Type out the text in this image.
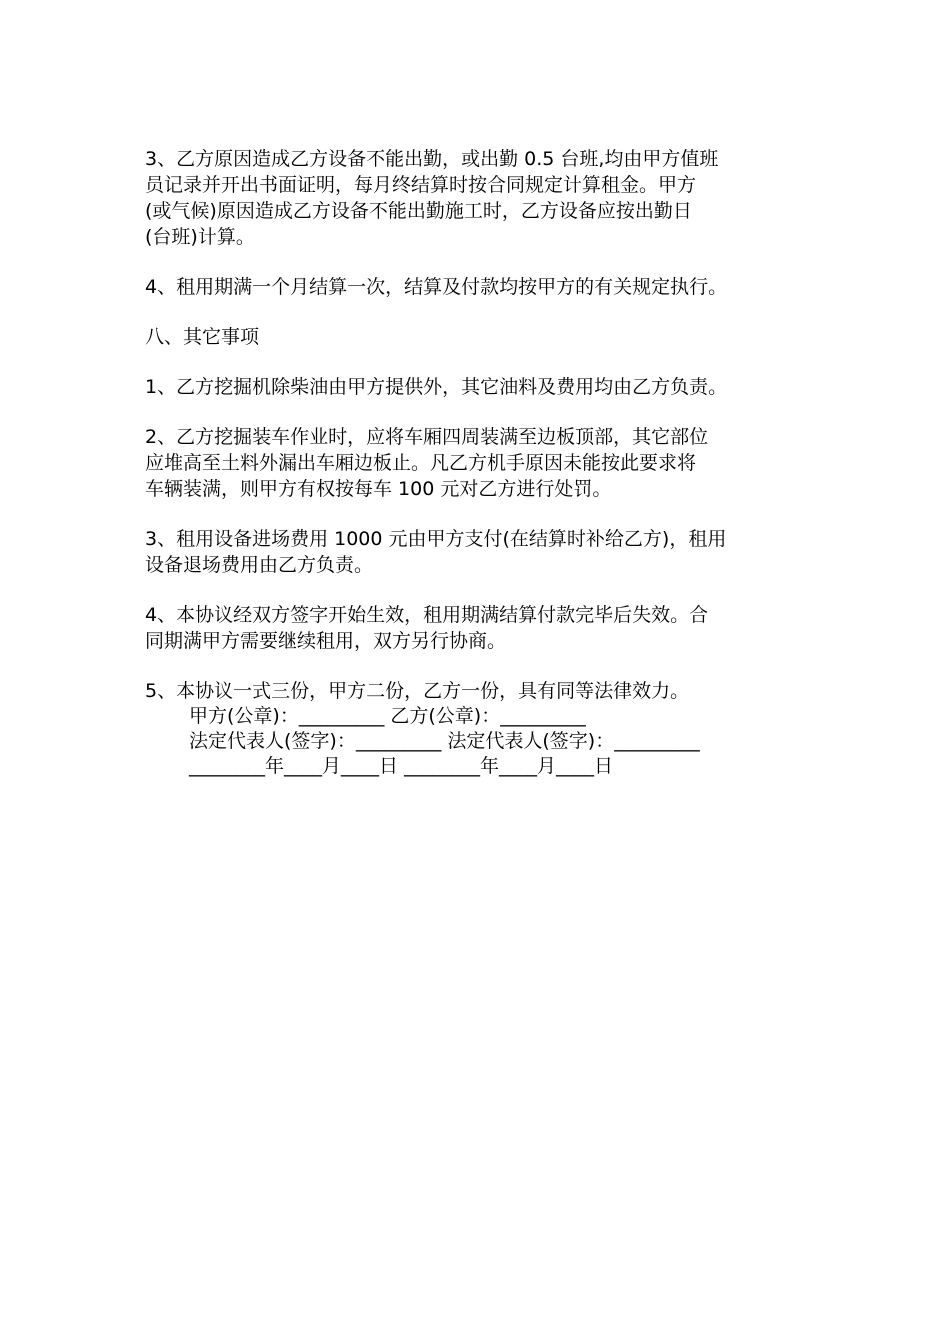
3、乙方原因造成乙方设备不能出勤，或出勤 0.5 台班,均由甲方值班
员记录并开出书面证明，每月终结算时按合同规定计算租金。甲方
(或气候)原因造成乙方设备不能出勤施工时，乙方设备应按出勤日
(台班)计算。

4、租用期满一个月结算一次，结算及付款均按甲方的有关规定执行。

八、其它事项

1、乙方挖掘机除柴油由甲方提供外，其它油料及费用均由乙方负责。

2、乙方挖掘装车作业时，应将车厢四周装满至边板顶部，其它部位
应堆高至土料外漏出车厢边板止。凡乙方机手原因未能按此要求将
车辆装满，则甲方有权按每车 100 元对乙方进行处罚。

3、租用设备进场费用 1000 元由甲方支付(在结算时补给乙方)，租用
设备退场费用由乙方负责。

4、本协议经双方签字开始生效，租用期满结算付款完毕后失效。合
同期满甲方需要继续租用，双方另行协商。

5、本协议一式三份，甲方二份，乙方一份，具有同等法律效力。

甲方(公章)：_________ 乙方(公章)：_________
法定代表人(签字)：_________ 法定代表人(签字)：_________
________年____月____日 ________年____月____日
